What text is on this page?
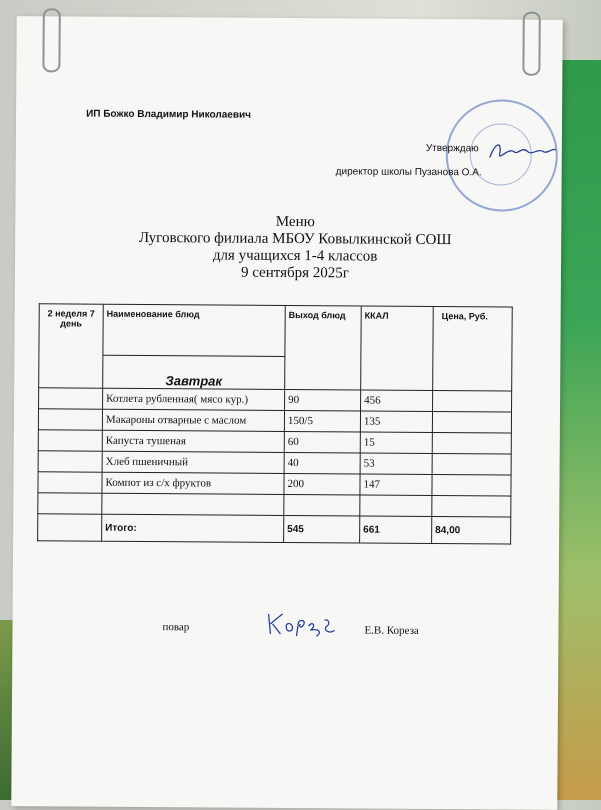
ИП Божко Владимир Николаевич
Утверждаю
директор школы Пузанова О.А.
Меню
Луговского филиала МБОУ Ковылкинской СОШ
для учащихся 1-4 классов
9 сентября 2025г
2 неделя 7 день	Наименование блюд	Выход блюд	ККАЛ	Цена, Руб.
	Завтрак			
	Котлета рубленная( мясо кур.)	90	456	
	Макароны отварные с маслом	150/5	135	
	Капуста тушеная	60	15	
	Хлеб пшеничный	40	53	
	Компот из с/х фруктов	200	147	

	Итого:	545	661	84,00
повар	Е.В. Кореза
